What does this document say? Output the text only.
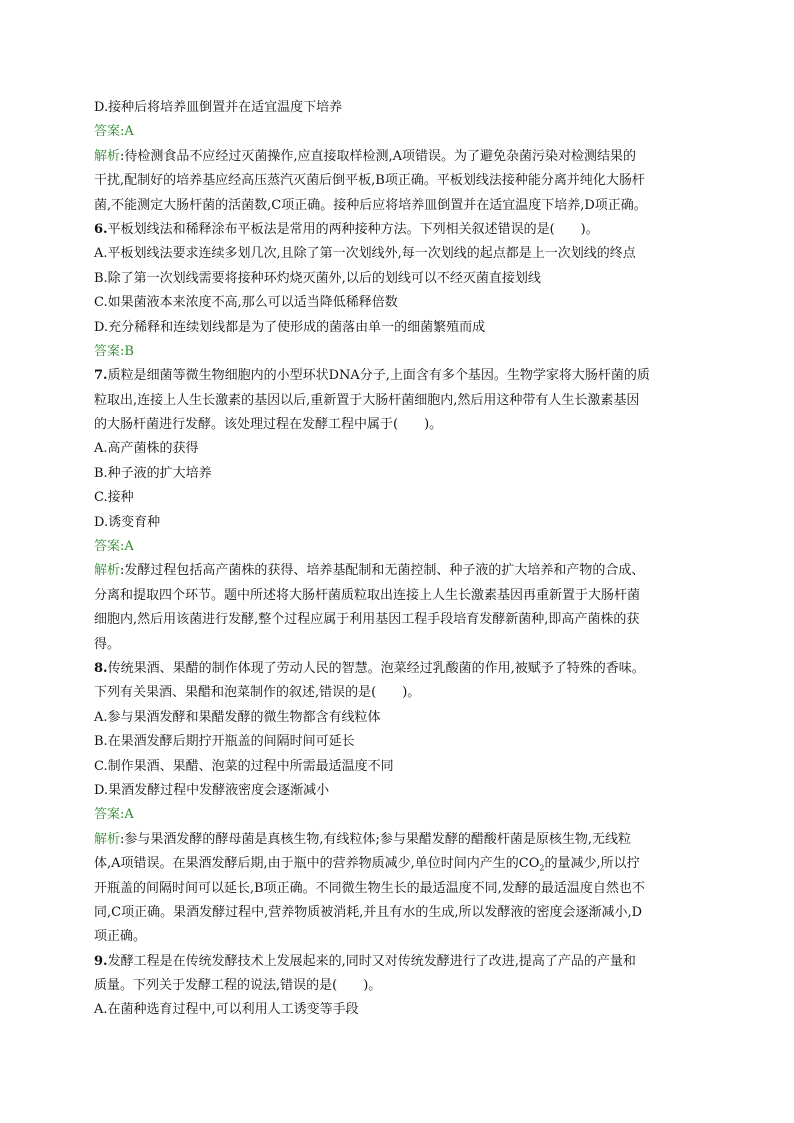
D.接种后将培养皿倒置并在适宜温度下培养
答案:A
解析:待检测食品不应经过灭菌操作,应直接取样检测,A项错误。为了避免杂菌污染对检测结果的
干扰,配制好的培养基应经高压蒸汽灭菌后倒平板,B项正确。平板划线法接种能分离并纯化大肠杆
菌,不能测定大肠杆菌的活菌数,C项正确。接种后应将培养皿倒置并在适宜温度下培养,D项正确。
6.平板划线法和稀释涂布平板法是常用的两种接种方法。下列相关叙述错误的是(　　)。
A.平板划线法要求连续多划几次,且除了第一次划线外,每一次划线的起点都是上一次划线的终点
B.除了第一次划线需要将接种环灼烧灭菌外,以后的划线可以不经灭菌直接划线
C.如果菌液本来浓度不高,那么可以适当降低稀释倍数
D.充分稀释和连续划线都是为了使形成的菌落由单一的细菌繁殖而成
答案:B
7.质粒是细菌等微生物细胞内的小型环状DNA分子,上面含有多个基因。生物学家将大肠杆菌的质
粒取出,连接上人生长激素的基因以后,重新置于大肠杆菌细胞内,然后用这种带有人生长激素基因
的大肠杆菌进行发酵。该处理过程在发酵工程中属于(　　)。
A.高产菌株的获得
B.种子液的扩大培养
C.接种
D.诱变育种
答案:A
解析:发酵过程包括高产菌株的获得、培养基配制和无菌控制、种子液的扩大培养和产物的合成、
分离和提取四个环节。题中所述将大肠杆菌质粒取出连接上人生长激素基因再重新置于大肠杆菌
细胞内,然后用该菌进行发酵,整个过程应属于利用基因工程手段培育发酵新菌种,即高产菌株的获
得。
8.传统果酒、果醋的制作体现了劳动人民的智慧。泡菜经过乳酸菌的作用,被赋予了特殊的香味。
下列有关果酒、果醋和泡菜制作的叙述,错误的是(　　)。
A.参与果酒发酵和果醋发酵的微生物都含有线粒体
B.在果酒发酵后期拧开瓶盖的间隔时间可延长
C.制作果酒、果醋、泡菜的过程中所需最适温度不同
D.果酒发酵过程中发酵液密度会逐渐减小
答案:A
解析:参与果酒发酵的酵母菌是真核生物,有线粒体;参与果醋发酵的醋酸杆菌是原核生物,无线粒
体,A项错误。在果酒发酵后期,由于瓶中的营养物质减少,单位时间内产生的$CO_2$的量减少,所以拧
开瓶盖的间隔时间可以延长,B项正确。不同微生物生长的最适温度不同,发酵的最适温度自然也不
同,C项正确。果酒发酵过程中,营养物质被消耗,并且有水的生成,所以发酵液的密度会逐渐减小,D
项正确。
9.发酵工程是在传统发酵技术上发展起来的,同时又对传统发酵进行了改进,提高了产品的产量和
质量。下列关于发酵工程的说法,错误的是(　　)。
A.在菌种选育过程中,可以利用人工诱变等手段
